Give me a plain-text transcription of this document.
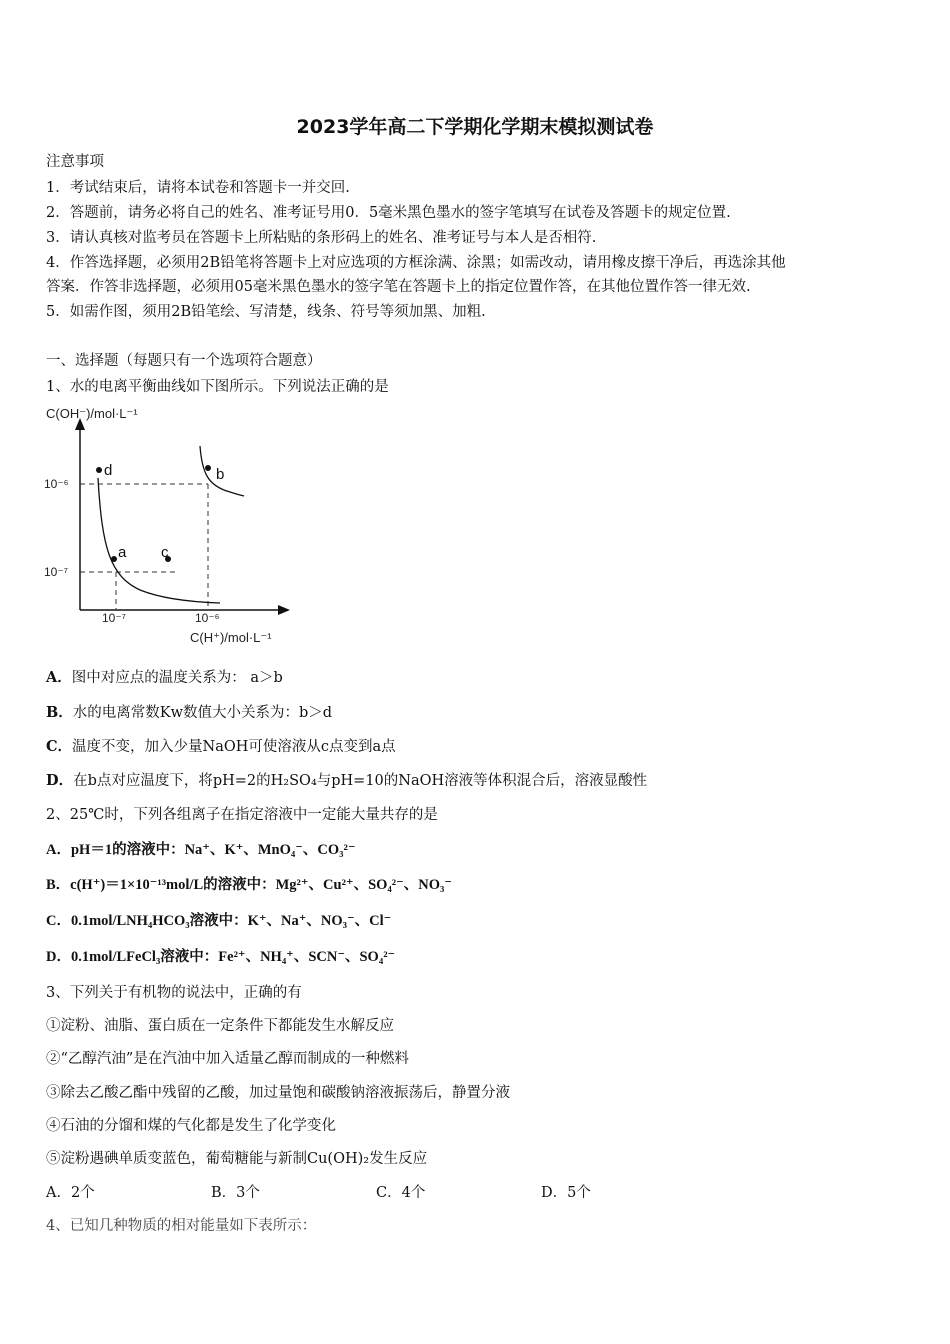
2023学年高二下学期化学期末模拟测试卷
注意事项
1．考试结束后，请将本试卷和答题卡一并交回.
2．答题前，请务必将自己的姓名、准考证号用0．5毫米黑色墨水的签字笔填写在试卷及答题卡的规定位置.
3．请认真核对监考员在答题卡上所粘贴的条形码上的姓名、准考证号与本人是否相符.
4．作答选择题，必须用2B铅笔将答题卡上对应选项的方框涂满、涂黑；如需改动，请用橡皮擦干净后，再选涂其他
答案．作答非选择题，必须用05毫米黑色墨水的签字笔在答题卡上的指定位置作答，在其他位置作答一律无效.
5．如需作图，须用2B铅笔绘、写清楚，线条、符号等须加黑、加粗.
一、选择题（每题只有一个选项符合题意）
1、水的电离平衡曲线如下图所示。下列说法正确的是
C(OH⁻)/mol·L⁻¹
C(H⁺)/mol·L⁻¹
10⁻⁶
10⁻⁷
10⁻⁷	10⁻⁶
d	b
a c
A．图中对应点的温度关系为： a＞b
B．水的电离常数Kw数值大小关系为：b＞d
C．温度不变，加入少量NaOH可使溶液从c点变到a点
D．在b点对应温度下，将pH=2的H₂SO₄与pH=10的NaOH溶液等体积混合后，溶液显酸性
2、25℃时，下列各组离子在指定溶液中一定能大量共存的是
A．pH＝1的溶液中：Na⁺、K⁺、MnO₄⁻、CO₃²⁻
B．c(H⁺)＝1×10⁻¹³mol/L的溶液中：Mg²⁺、Cu²⁺、SO₄²⁻、NO₃⁻
C．0.1mol/LNH₄HCO₃溶液中：K⁺、Na⁺、NO₃⁻、Cl⁻
D．0.1mol/LFeCl₃溶液中：Fe²⁺、NH₄⁺、SCN⁻、SO₄²⁻
3、下列关于有机物的说法中，正确的有
①淀粉、油脂、蛋白质在一定条件下都能发生水解反应
②“乙醇汽油”是在汽油中加入适量乙醇而制成的一种燃料
③除去乙酸乙酯中残留的乙酸，加过量饱和碳酸钠溶液振荡后，静置分液
④石油的分馏和煤的气化都是发生了化学变化
⑤淀粉遇碘单质变蓝色，葡萄糖能与新制Cu(OH)₂发生反应
A．2个	B．3个	C．4个	D．5个
4、已知几种物质的相对能量如下表所示：
